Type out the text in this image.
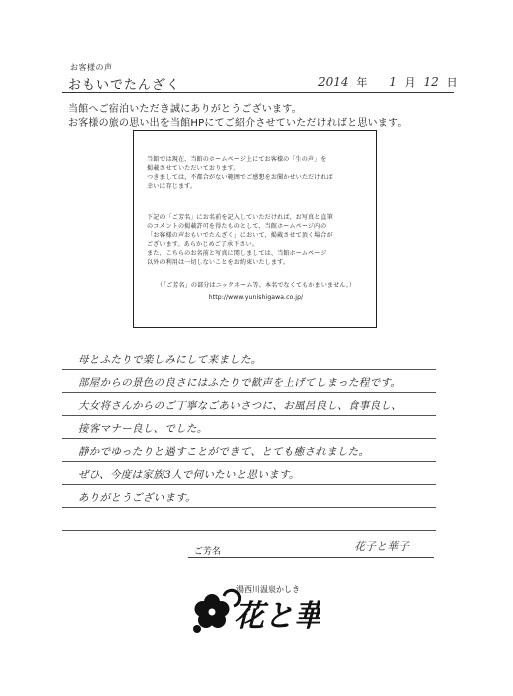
お客様の声
おもいでたんざく	2014 年 1 月 12 日
当館へご宿泊いただき誠にありがとうございます。
お客様の旅の思い出を当館HPにてご紹介させていただければと思います。
当館では現在、当館のホームページ上にてお客様の「生の声」を
掲載させていただいております。
つきましては、不都合がない範囲でご感想をお聞かせいただければ
幸いに存じます。
下記の「ご芳名」にお名前を記入していただければ、お写真と直筆
のコメントの掲載許可を得たものとして、当館ホームページ内の
「お客様の声おもいでたんざく」において、掲載させて頂く場合が
ございます。あらかじめご了承下さい。
また、こちらのお名前と写真に関しましては、当館ホームページ
以外の利用は一切しないことをお約束いたします。
（「ご芳名」の部分はニックネーム等、本名でなくてもかまいません。）
http://www.yunishigawa.co.jp/
母とふたりで楽しみにして来ました。
部屋からの景色の良さにはふたりで歓声を上げてしまった程です。
大女将さんからのご丁寧なごあいさつに、お風呂良し、食事良し、
接客マナー良し、でした。
静かでゆったりと過すことができて、とても癒されました。
ぜひ、今度は家族3人で伺いたいと思います。
ありがとうございます。
ご芳名	花子と華子
湯西川温泉かしき
花と華
